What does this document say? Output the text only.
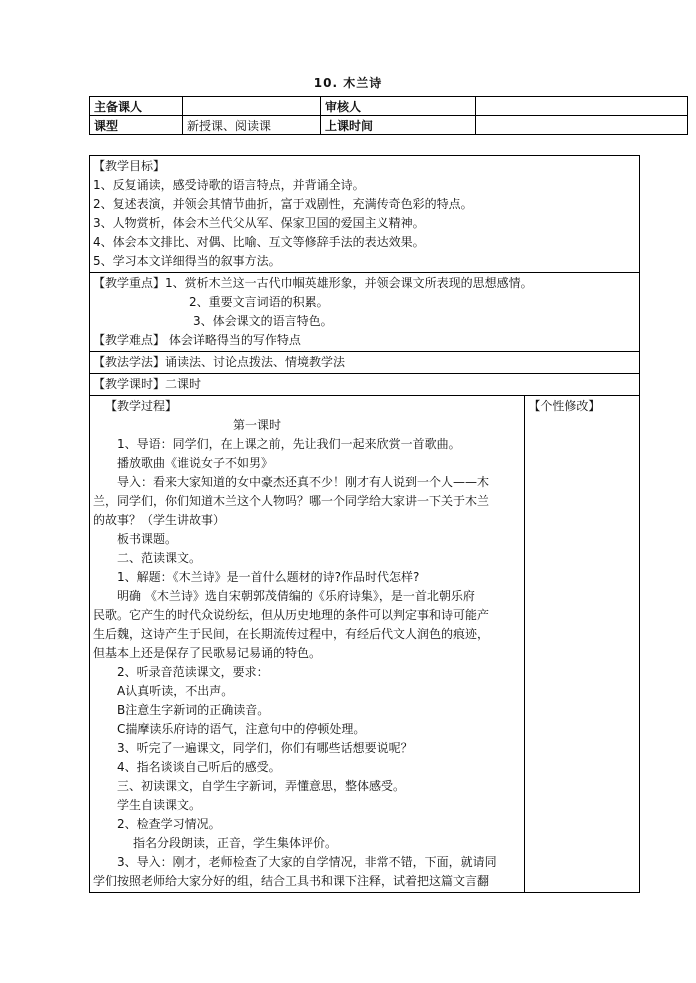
10. 木兰诗
主备课人		审核人	
课型	新授课、阅读课	上课时间	
【教学目标】
1、反复诵读，感受诗歌的语言特点，并背诵全诗。
2、复述表演，并领会其情节曲折，富于戏剧性，充满传奇色彩的特点。
3、人物赏析，体会木兰代父从军、保家卫国的爱国主义精神。
4、体会本文排比、对偶、比喻、互文等修辞手法的表达效果。
5、学习本文详细得当的叙事方法。

【教学重点】1、赏析木兰这一古代巾帼英雄形象，并领会课文所表现的思想感情。
2、重要文言词语的积累。
3、体会课文的语言特色。
【教学难点】 体会详略得当的写作特点

【教法学法】诵读法、讨论点拨法、情境教学法
【教学课时】二课时

【教学过程】
第一课时
1、导语：同学们，在上课之前，先让我们一起来欣赏一首歌曲。
播放歌曲《谁说女子不如男》
导入：看来大家知道的女中豪杰还真不少！刚才有人说到一个人——木
兰，同学们，你们知道木兰这个人物吗？哪一个同学给大家讲一下关于木兰
的故事？（学生讲故事）
板书课题。
二、范读课文。
1、解题：《木兰诗》是一首什么题材的诗?作品时代怎样?
明确 《木兰诗》选自宋朝郭茂倩编的《乐府诗集》，是一首北朝乐府
民歌。它产生的时代众说纷纭，但从历史地理的条件可以判定事和诗可能产
生后魏，这诗产生于民间，在长期流传过程中，有经后代文人润色的痕迹，
但基本上还是保存了民歌易记易诵的特色。
2、听录音范读课文，要求：
A认真听读，不出声。
B注意生字新词的正确读音。
C揣摩读乐府诗的语气，注意句中的停顿处理。
3、听完了一遍课文，同学们，你们有哪些话想要说呢？
4、指名谈谈自己听后的感受。
三、初读课文，自学生字新词，弄懂意思，整体感受。
学生自读课文。
2、检查学习情况。
指名分段朗读，正音，学生集体评价。
3、导入：刚才，老师检查了大家的自学情况，非常不错，下面，就请同
学们按照老师给大家分好的组，结合工具书和课下注释，试着把这篇文言翻

【个性修改】
